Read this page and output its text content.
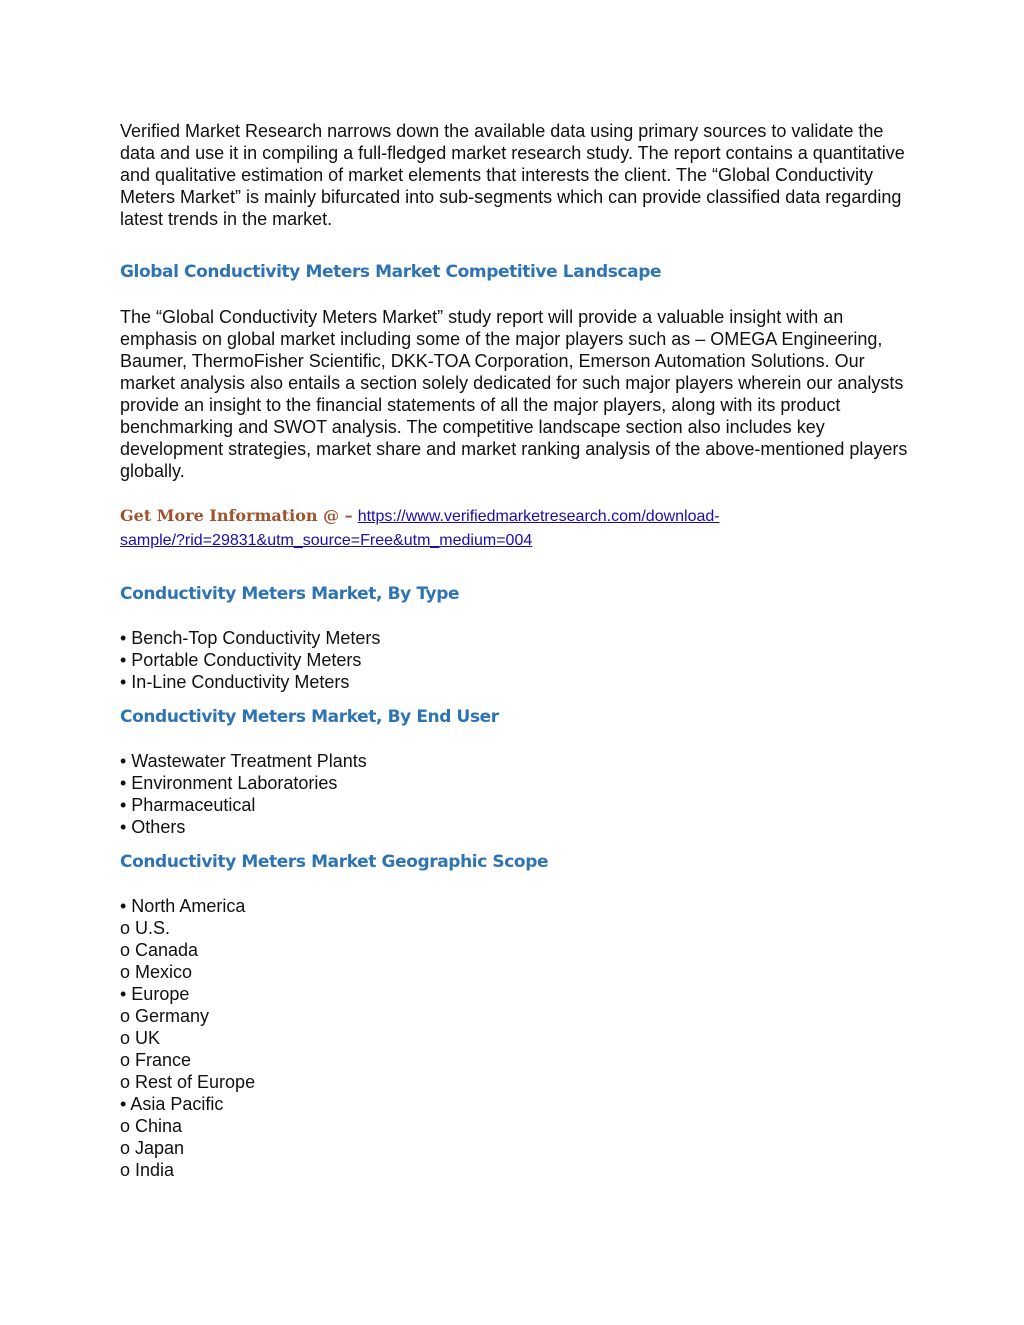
Verified Market Research narrows down the available data using primary sources to validate the data and use it in compiling a full-fledged market research study. The report contains a quantitative and qualitative estimation of market elements that interests the client. The “Global Conductivity Meters Market” is mainly bifurcated into sub-segments which can provide classified data regarding latest trends in the market.

Global Conductivity Meters Market Competitive Landscape

The “Global Conductivity Meters Market” study report will provide a valuable insight with an emphasis on global market including some of the major players such as – OMEGA Engineering, Baumer, ThermoFisher Scientific, DKK-TOA Corporation, Emerson Automation Solutions. Our market analysis also entails a section solely dedicated for such major players wherein our analysts provide an insight to the financial statements of all the major players, along with its product benchmarking and SWOT analysis. The competitive landscape section also includes key development strategies, market share and market ranking analysis of the above-mentioned players globally.

Get More Information @ – https://www.verifiedmarketresearch.com/download-
sample/?rid=29831&utm_source=Free&utm_medium=004
Conductivity Meters Market, By Type
• Bench-Top Conductivity Meters
• Portable Conductivity Meters
• In-Line Conductivity Meters
Conductivity Meters Market, By End User
• Wastewater Treatment Plants
• Environment Laboratories
• Pharmaceutical
• Others
Conductivity Meters Market Geographic Scope
• North America
o U.S.
o Canada
o Mexico
• Europe
o Germany
o UK
o France
o Rest of Europe
• Asia Pacific
o China
o Japan
o India
